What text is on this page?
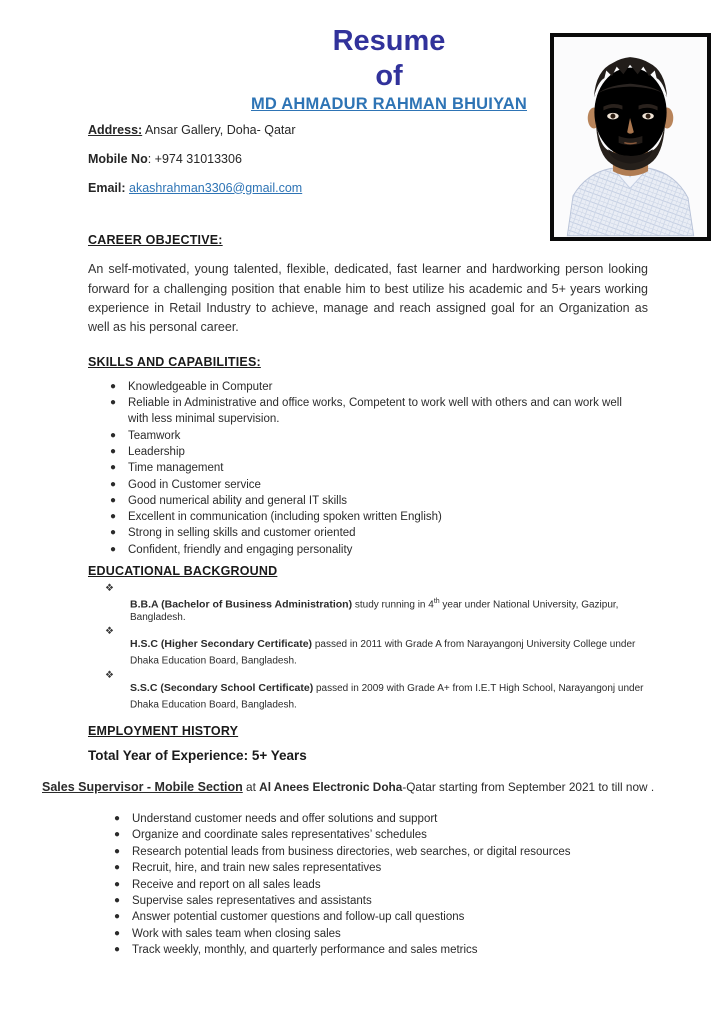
Resume
of
MD AHMADUR RAHMAN BHUIYAN
Address: Ansar Gallery, Doha- Qatar
Mobile No: +974 31013306
Email: akashrahman3306@gmail.com
CAREER OBJECTIVE:

An self-motivated, young talented, flexible, dedicated, fast learner and hardworking person looking forward for a challenging position that enable him to best utilize his academic and 5+ years working experience in Retail Industry to achieve, manage and reach assigned goal for an Organization as well as his personal career.

SKILLS AND CAPABILITIES:
●	Knowledgeable in Computer
●	Reliable in Administrative and office works, Competent to work well with others and can work well with less minimal supervision.
●	Teamwork
●	Leadership
●	Time management
●	Good in Customer service
●	Good numerical ability and general IT skills
●	Excellent in communication (including spoken written English)
●	Strong in selling skills and customer oriented
●	Confident, friendly and engaging personality
EDUCATIONAL BACKGROUND
❖
B.B.A (Bachelor of Business Administration) study running in 4th year under National University, Gazipur, Bangladesh.
❖
H.S.C (Higher Secondary Certificate) passed in 2011 with Grade A from Narayangonj University College under Dhaka Education Board, Bangladesh.
❖
S.S.C (Secondary School Certificate) passed in 2009 with Grade A+ from I.E.T High School, Narayangonj under Dhaka Education Board, Bangladesh.
EMPLOYMENT HISTORY
Total Year of Experience: 5+ Years
Sales Supervisor - Mobile Section at Al Anees Electronic Doha-Qatar starting from September 2021 to till now .
●	Understand customer needs and offer solutions and support
●	Organize and coordinate sales representatives’ schedules
●	Research potential leads from business directories, web searches, or digital resources
●	Recruit, hire, and train new sales representatives
●	Receive and report on all sales leads
●	Supervise sales representatives and assistants
●	Answer potential customer questions and follow-up call questions
●	Work with sales team when closing sales
●	Track weekly, monthly, and quarterly performance and sales metrics
